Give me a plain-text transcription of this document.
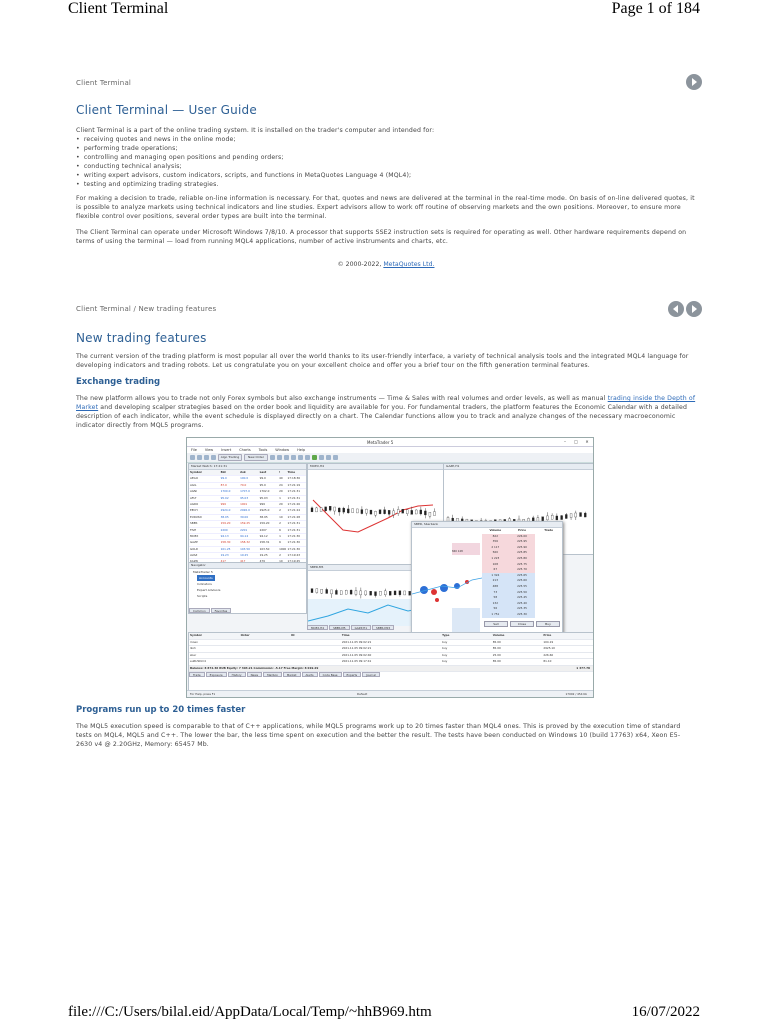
Client Terminal	Page 1 of 184
Client Terminal
Client Terminal — User Guide

Client Terminal is a part of the online trading system. It is installed on the trader's computer and intended for:

• receiving quotes and news in the online mode;
• performing trade operations;
• controlling and managing open positions and pending orders;
• conducting technical analysis;
• writing expert advisors, custom indicators, scripts, and functions in MetaQuotes Language 4 (MQL4);
• testing and optimizing trading strategies.

For making a decision to trade, reliable on-line information is necessary. For that, quotes and news are delivered at the terminal in the real-time mode. On basis of on-line delivered quotes, it is possible to analyze markets using technical indicators and line studies. Expert advisors allow to work off routine of observing markets and the own positions. Moreover, to ensure more flexible control over positions, several order types are built into the terminal.

The Client Terminal can operate under Microsoft Windows 7/8/10. A processor that supports SSE2 instruction sets is required for operating as well. Other hardware requirements depend on terms of using the terminal — load from running MQL4 applications, number of active instruments and charts, etc.

© 2000-2022, MetaQuotes Ltd.
Client Terminal / New trading features
New trading features

The current version of the trading platform is most popular all over the world thanks to its user-friendly interface, a variety of technical analysis tools and the integrated MQL4 language for developing indicators and trading robots. Let us congratulate you on your excellent choice and offer you a brief tour on the fifth generation terminal features.

Exchange trading

The new platform allows you to trade not only Forex symbols but also exchange instruments — Time & Sales with real volumes and order levels, as well as manual trading inside the Depth of Market and developing scalper strategies based on the order book and liquidity are available for you. For fundamental traders, the platform features the Economic Calendar with a detailed description of each indicator, while the event schedule is displayed directly on a chart. The Calendar functions allow you to track and analyze changes of the necessary macroeconomic indicator directly from MQL5 programs.

MetaTrader 5	–	□	✕
File View Insert Charts Tools Window Help
Algo Trading	New Order
Market Watch: 17:21:31
Symbol	Bid	Ask	Last	!	Time
AEGO	99.0	100.0	99.0	40	17:18:36
AGIL	87.0	70.0	95.0	24	17:21:19
AGNI	1700.0	1707.0	1702.0	20	17:21:31
AFLT	95.02	95.03	95.03	1	17:21:31
AGRO	999	1001	999	20	17:21:26
EECH	2924.0	2926.0	2925.0	2	17:21:24
EURUSD	38.05	39.00	38.95	10	17:21:28
SBER	159.20	159.25	159.20	2	17:21:31
FIVE	2200	2201	2207	6	17:21:31
MOEX	94.13	94.14	94.12	1	17:21:30
GAZP	158.30	158.32	158.31	6	17:21:30
GOLD	101.25	103.50	103.50	1000 17:21:30
AVAZ	19.23	19.25	19.25	2	17:19:43
Navigator
MetaTrader 5
Accounts
Indicators
Expert Advisors
Scripts
Common	Favorites
MOEX,H4	GAZP,H1
SBER,M5
SBER, Sberbank
840 148
Volume	Price	Trade
822	226.00
356	225.95
2 117	225.90
560	225.85
1 223	225.80
108	225.75
67	225.70
1 324	225.65
213	225.60
488	225.55
73	225.50
58	225.45
132	225.40
56	225.35
1 751	225.30
Sell	Close	Buy
MOEX,H4	SBER,M5	GAZP,H1	SBER,M15
Symbol	Order	ID	Time	Type	Volume	Price
moex	2021.11.05 09:02:21	buy	85.00	104.19
lkoh	2021.11.05 09:02:21	buy	85.00	2925.10
sber	2021.11.05 09:02:40	buy	25.00	226.60
euRUSDm4	2021.11.05 09:17:41	buy	85.00	81.10
Balance: 8 872.36 RUB Equity: 7 303.21 Commission: -5.17 Free Margin: 8 019.29	1 377.78
Trade	Exposure	History	News	Mailbox	Market	Alerts	Code Base	Experts	Journal
For Help, press F1	Default	17002 / 454 Kb
Programs run up to 20 times faster

The MQL5 execution speed is comparable to that of C++ applications, while MQL5 programs work up to 20 times faster than MQL4 ones. This is proved by the execution time of standard tests on MQL4, MQL5 and C++. The lower the bar, the less time spent on execution and the better the result. The tests have been conducted on Windows 10 (build 17763) x64, Xeon E5-2630 v4 @ 2.20GHz, Memory: 65457 Mb.

file:///C:/Users/bilal.eid/AppData/Local/Temp/~hhB969.htm	16/07/2022
